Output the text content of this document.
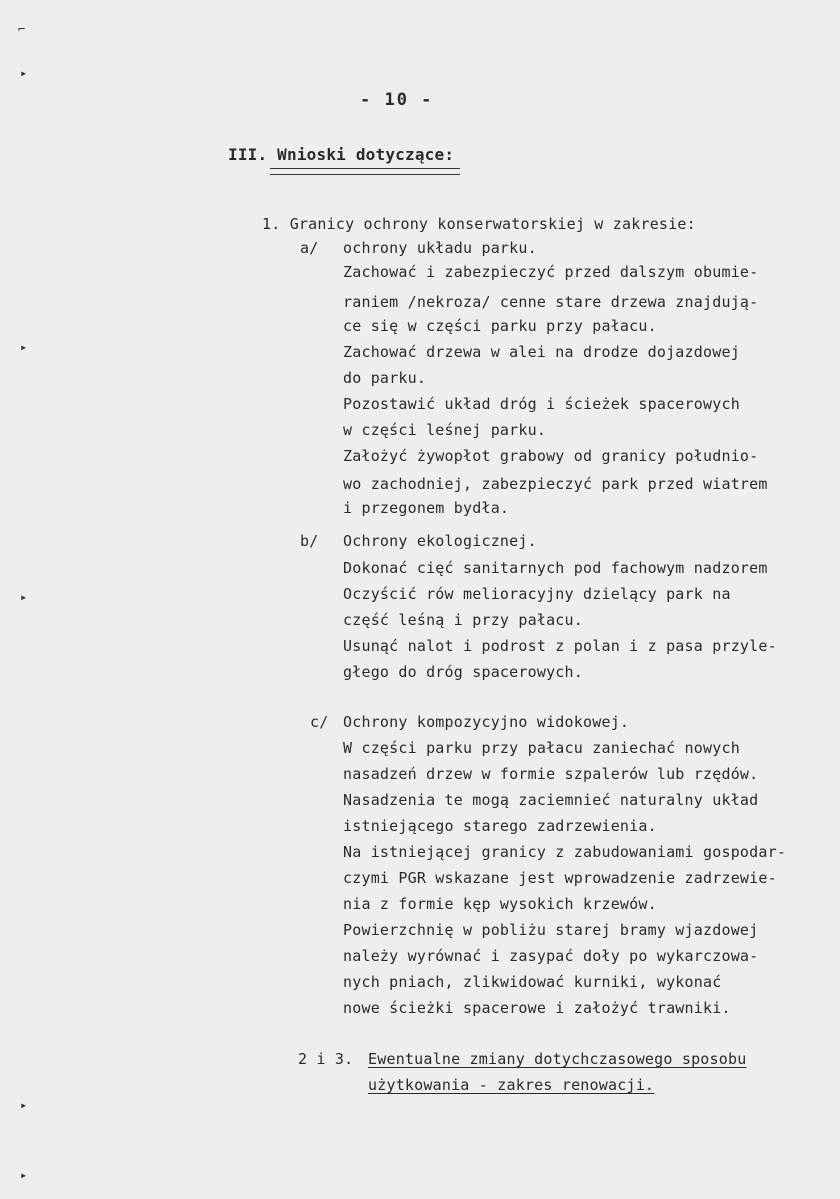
⌐
▸
▸
▸
▸
▸
- 10 -
III. Wnioski dotyczące:
1. Granicy ochrony konserwatorskiej w zakresie:
a/ ochrony układu parku.
Zachować i zabezpieczyć przed dalszym obumie-
raniem /nekroza/ cenne stare drzewa znajdują-
ce się w części parku przy pałacu.
Zachować drzewa w alei na drodze dojazdowej
do parku.
Pozostawić układ dróg i ścieżek spacerowych
w części leśnej parku.
Założyć żywopłot grabowy od granicy południo-
wo zachodniej, zabezpieczyć park przed wiatrem
i przegonem bydła.
b/ Ochrony ekologicznej.
Dokonać cięć sanitarnych pod fachowym nadzorem
Oczyścić rów melioracyjny dzielący park na
część leśną i przy pałacu.
Usunąć nalot i podrost z polan i z pasa przyle-
głego do dróg spacerowych.
c/ Ochrony kompozycyjno widokowej.
W części parku przy pałacu zaniechać nowych
nasadzeń drzew w formie szpalerów lub rzędów.
Nasadzenia te mogą zaciemnieć naturalny układ
istniejącego starego zadrzewienia.
Na istniejącej granicy z zabudowaniami gospodar-
czymi PGR wskazane jest wprowadzenie zadrzewie-
nia z formie kęp wysokich krzewów.
Powierzchnię w pobliżu starej bramy wjazdowej
należy wyrównać i zasypać doły po wykarczowa-
nych pniach, zlikwidować kurniki, wykonać
nowe ścieżki spacerowe i założyć trawniki.
2 i 3. Ewentualne zmiany dotychczasowego sposobu
użytkowania - zakres renowacji.
